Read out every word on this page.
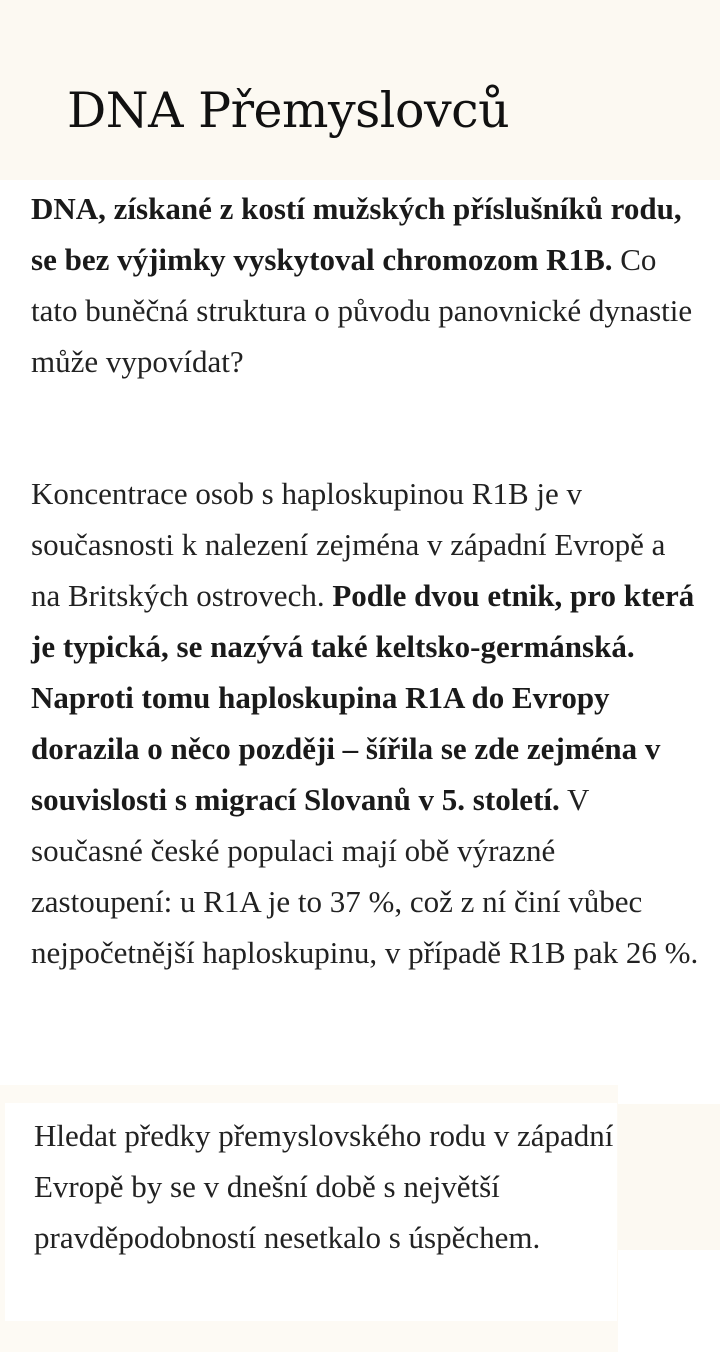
DNA Přemyslovců

DNA, získané z kostí mužských příslušníků rodu, se bez výjimky vyskytoval chromozom R1B. Co tato buněčná struktura o původu panovnické dynastie může vypovídat?

Koncentrace osob s haploskupinou R1B je v současnosti k nalezení zejména v západní Evropě a na Britských ostrovech. Podle dvou etnik, pro která je typická, se nazývá také keltsko-germánská. Naproti tomu haploskupina R1A do Evropy dorazila o něco později – šířila se zde zejména v souvislosti s migrací Slovanů v 5. století. V současné české populaci mají obě výrazné zastoupení: u R1A je to 37 %, což z ní činí vůbec nejpočetnější haploskupinu, v případě R1B pak 26 %.

Hledat předky přemyslovského rodu v západní Evropě by se v dnešní době s největší pravděpodobností nesetkalo s úspěchem.
